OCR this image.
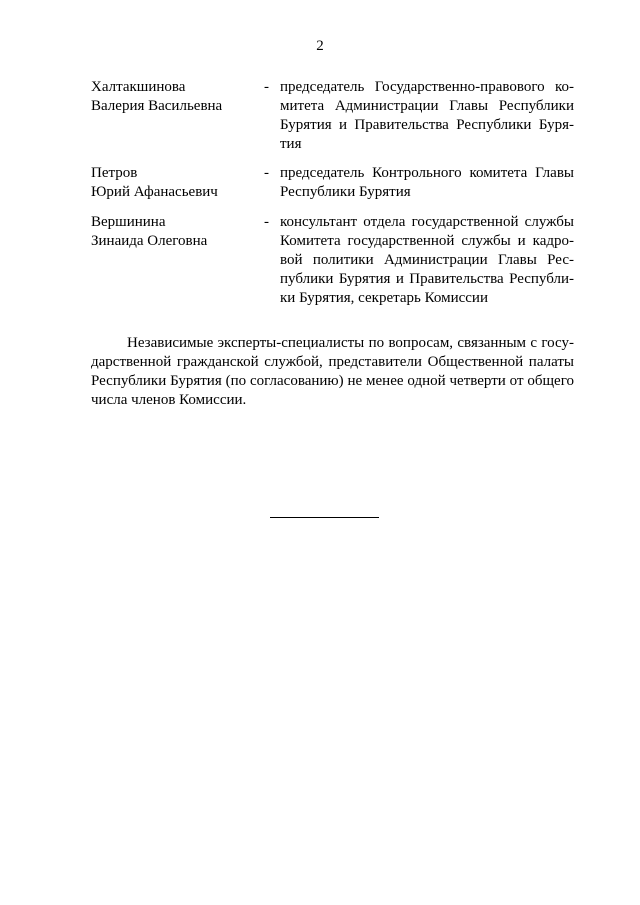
2
Халтакшинова
Валерия Васильевна
- председатель Государственно-правового ко-
митета Администрации Главы Республики
Бурятия и Правительства Республики Буря-
тия
Петров
Юрий Афанасьевич
- председатель Контрольного комитета Главы
Республики Бурятия
Вершинина
Зинаида Олеговна
- консультант отдела государственной службы
Комитета государственной службы и кадро-
вой политики Администрации Главы Рес-
публики Бурятия и Правительства Республи-
ки Бурятия, секретарь Комиссии
Независимые эксперты-специалисты по вопросам, связанным с госу-
дарственной гражданской службой, представители Общественной палаты
Республики Бурятия (по согласованию) не менее одной четверти от общего
числа членов Комиссии.
